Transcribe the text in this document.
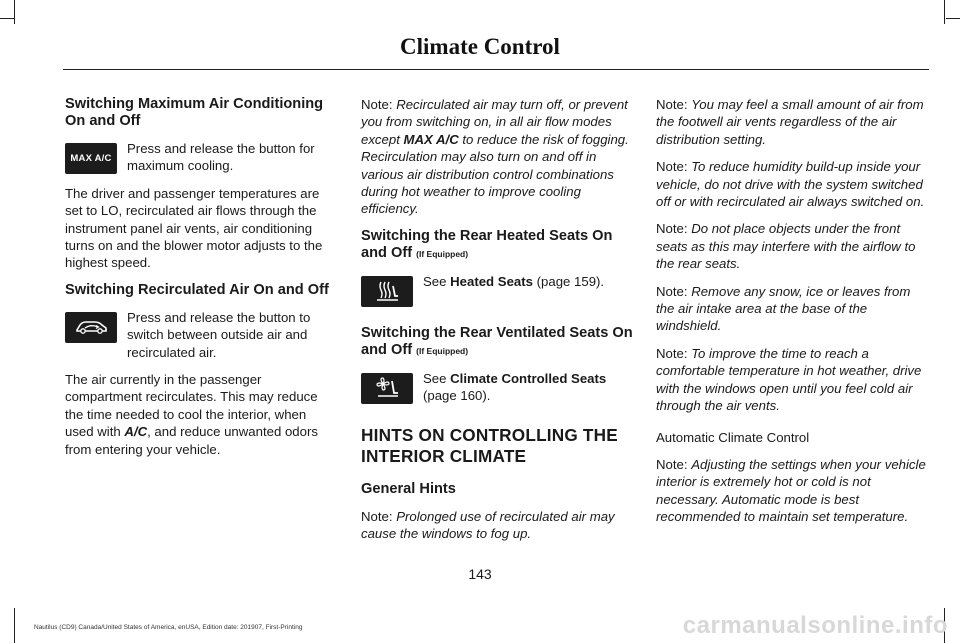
Climate Control
Switching Maximum Air Conditioning On and Off
MAX A/C
Press and release the button for maximum cooling.

The driver and passenger temperatures are set to LO, recirculated air flows through the instrument panel air vents, air conditioning turns on and the blower motor adjusts to the highest speed.

Switching Recirculated Air On and Off
Press and release the button to switch between outside air and recirculated air.

The air currently in the passenger compartment recirculates. This may reduce the time needed to cool the interior, when used with A/C, and reduce unwanted odors from entering your vehicle.

Note: Recirculated air may turn off, or prevent you from switching on, in all air flow modes except MAX A/C to reduce the risk of fogging. Recirculation may also turn on and off in various air distribution control combinations during hot weather to improve cooling efficiency.

Switching the Rear Heated Seats On and Off (If Equipped)
See Heated Seats (page 159).
Switching the Rear Ventilated Seats On and Off (If Equipped)
See Climate Controlled Seats (page 160).
HINTS ON CONTROLLING THE INTERIOR CLIMATE
General Hints

Note: Prolonged use of recirculated air may cause the windows to fog up.

Note: You may feel a small amount of air from the footwell air vents regardless of the air distribution setting.

Note: To reduce humidity build-up inside your vehicle, do not drive with the system switched off or with recirculated air always switched on.

Note: Do not place objects under the front seats as this may interfere with the airflow to the rear seats.

Note: Remove any snow, ice or leaves from the air intake area at the base of the windshield.

Note: To improve the time to reach a comfortable temperature in hot weather, drive with the windows open until you feel cold air through the air vents.

Automatic Climate Control

Note: Adjusting the settings when your vehicle interior is extremely hot or cold is not necessary. Automatic mode is best recommended to maintain set temperature.

143
Nautilus (CD9) Canada/United States of America, enUSA, Edition date: 201907, First-Printing	carmanualsonline.info
